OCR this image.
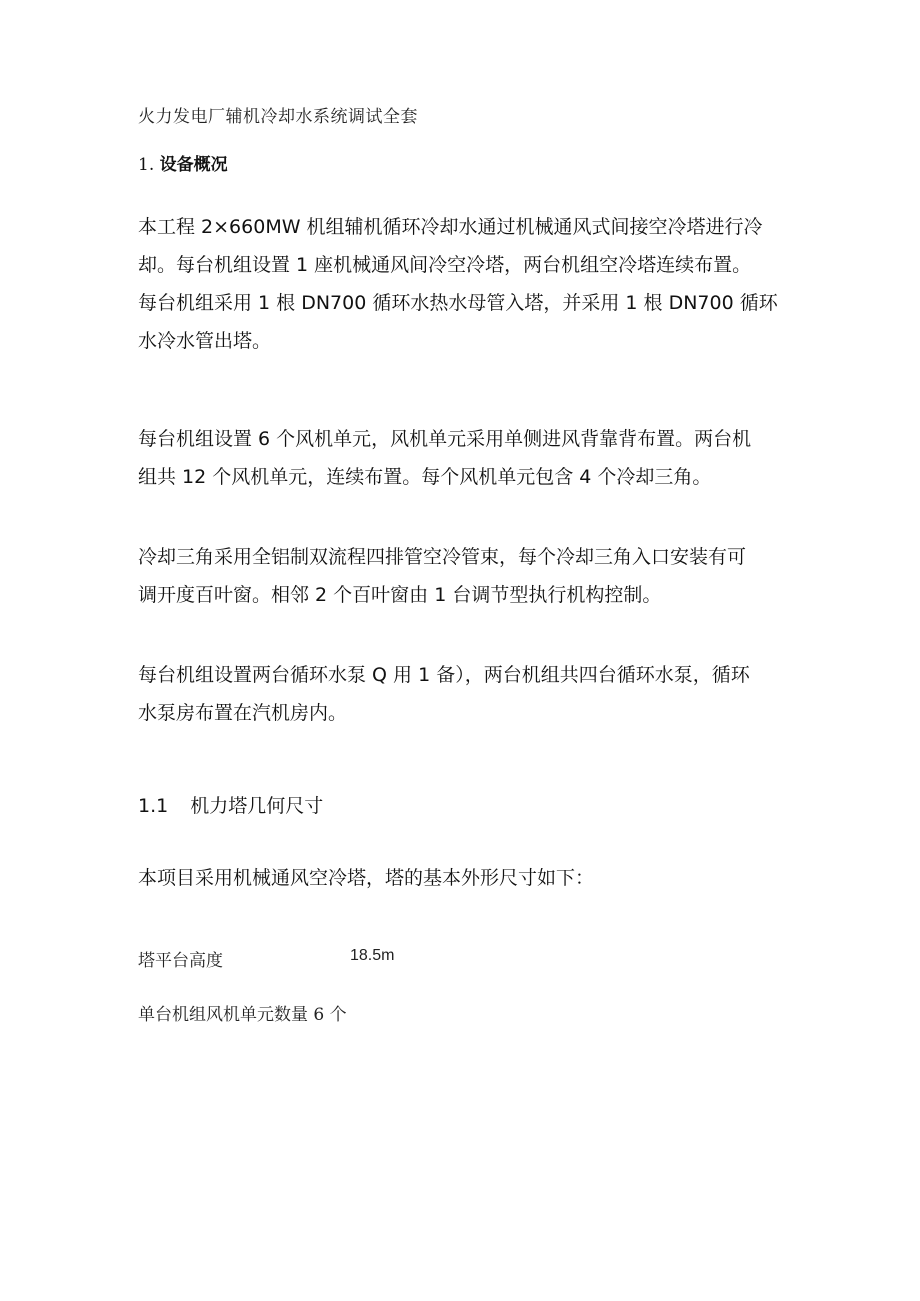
火力发电厂辅机冷却水系统调试全套
1. 设备概况
本工程 2×660MW 机组辅机循环冷却水通过机械通风式间接空冷塔进行冷
却。每台机组设置 1 座机械通风间冷空冷塔，两台机组空冷塔连续布置。
每台机组采用 1 根 DN700 循环水热水母管入塔，并采用 1 根 DN700 循环
水冷水管出塔。
每台机组设置 6 个风机单元，风机单元采用单侧进风背靠背布置。两台机
组共 12 个风机单元，连续布置。每个风机单元包含 4 个冷却三角。
冷却三角采用全铝制双流程四排管空冷管束，每个冷却三角入口安装有可
调开度百叶窗。相邻 2 个百叶窗由 1 台调节型执行机构控制。
每台机组设置两台循环水泵 Q 用 1 备），两台机组共四台循环水泵，循环
水泵房布置在汽机房内。
1.1 机力塔几何尺寸
本项目采用机械通风空冷塔，塔的基本外形尺寸如下：
塔平台高度	18.5m
单台机组风机单元数量 6 个
